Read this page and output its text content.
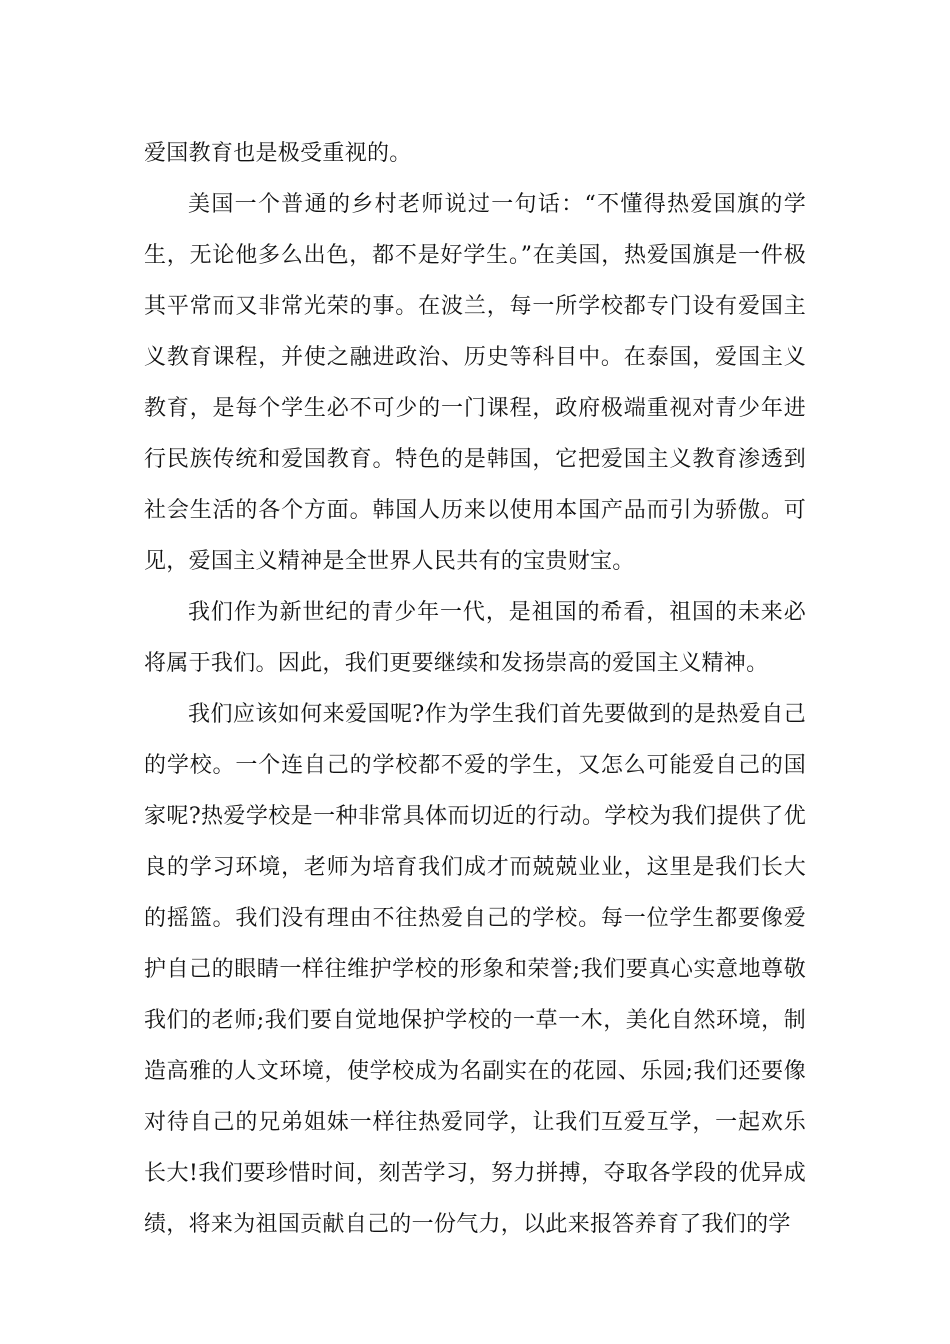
爱国教育也是极受重视的。

美国一个普通的乡村老师说过一句话：“不懂得热爱国旗的学生，无论他多么出色，都不是好学生。”在美国，热爱国旗是一件极其平常而又非常光荣的事。在波兰，每一所学校都专门设有爱国主义教育课程，并使之融进政治、历史等科目中。在泰国，爱国主义教育，是每个学生必不可少的一门课程，政府极端重视对青少年进行民族传统和爱国教育。特色的是韩国，它把爱国主义教育渗透到社会生活的各个方面。韩国人历来以使用本国产品而引为骄傲。可见，爱国主义精神是全世界人民共有的宝贵财宝。

我们作为新世纪的青少年一代，是祖国的希看，祖国的未来必将属于我们。因此，我们更要继续和发扬崇高的爱国主义精神。

我们应该如何来爱国呢?作为学生我们首先要做到的是热爱自己的学校。一个连自己的学校都不爱的学生，又怎么可能爱自己的国家呢?热爱学校是一种非常具体而切近的行动。学校为我们提供了优良的学习环境，老师为培育我们成才而兢兢业业，这里是我们长大的摇篮。我们没有理由不往热爱自己的学校。每一位学生都要像爱护自己的眼睛一样往维护学校的形象和荣誉;我们要真心实意地尊敬我们的老师;我们要自觉地保护学校的一草一木，美化自然环境，制造高雅的人文环境，使学校成为名副实在的花园、乐园;我们还要像对待自己的兄弟姐妹一样往热爱同学，让我们互爱互学，一起欢乐长大!我们要珍惜时间，刻苦学习，努力拼搏，夺取各学段的优异成绩，将来为祖国贡献自己的一份气力，以此来报答养育了我们的学
